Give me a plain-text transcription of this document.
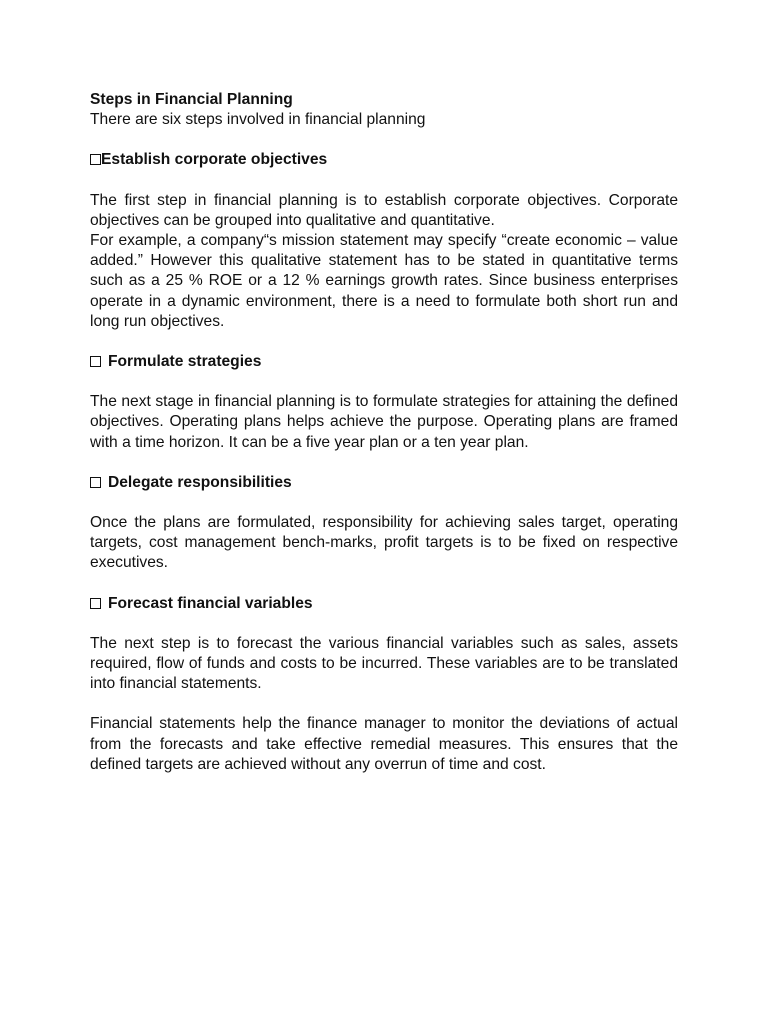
Steps in Financial Planning

There are six steps involved in financial planning

Establish corporate objectives

The first step in financial planning is to establish corporate objectives. Corporate objectives can be grouped into qualitative and quantitative.

For example, a company“s mission statement may specify “create economic – value added.” However this qualitative statement has to be stated in quantitative terms such as a 25 % ROE or a 12 % earnings growth rates. Since business enterprises operate in a dynamic environment, there is a need to formulate both short run and long run objectives.

Formulate strategies

The next stage in financial planning is to formulate strategies for attaining the defined objectives. Operating plans helps achieve the purpose. Operating plans are framed with a time horizon. It can be a five year plan or a ten year plan.

Delegate responsibilities

Once the plans are formulated, responsibility for achieving sales target, operating targets, cost management bench-marks, profit targets is to be fixed on respective executives.

Forecast financial variables

The next step is to forecast the various financial variables such as sales, assets required, flow of funds and costs to be incurred. These variables are to be translated into financial statements.

Financial statements help the finance manager to monitor the deviations of actual from the forecasts and take effective remedial measures. This ensures that the defined targets are achieved without any overrun of time and cost.
